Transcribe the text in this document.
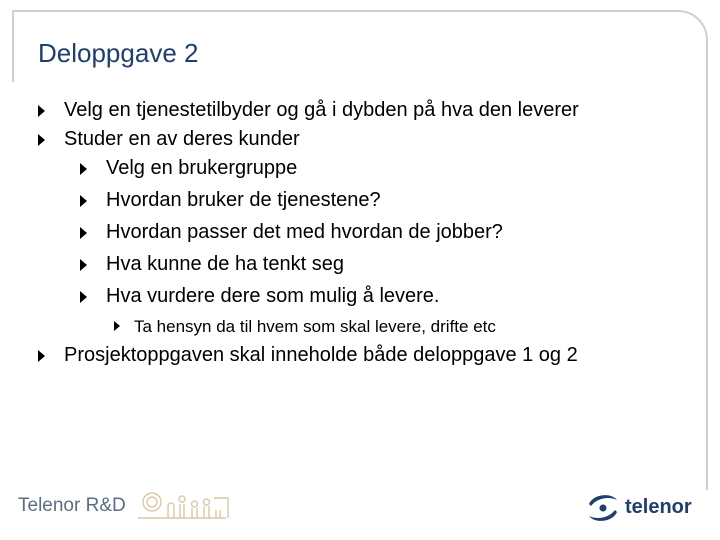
Deloppgave 2
Velg en tjenestetilbyder og gå i dybden på hva den leverer
Studer en av deres kunder
Velg en brukergruppe
Hvordan bruker de tjenestene?
Hvordan passer det med hvordan de jobber?
Hva kunne de ha tenkt seg
Hva vurdere dere som mulig å levere.
Ta hensyn da til hvem som skal levere, drifte etc
Prosjektoppgaven skal inneholde både deloppgave 1 og 2
Telenor R&D	telenor
